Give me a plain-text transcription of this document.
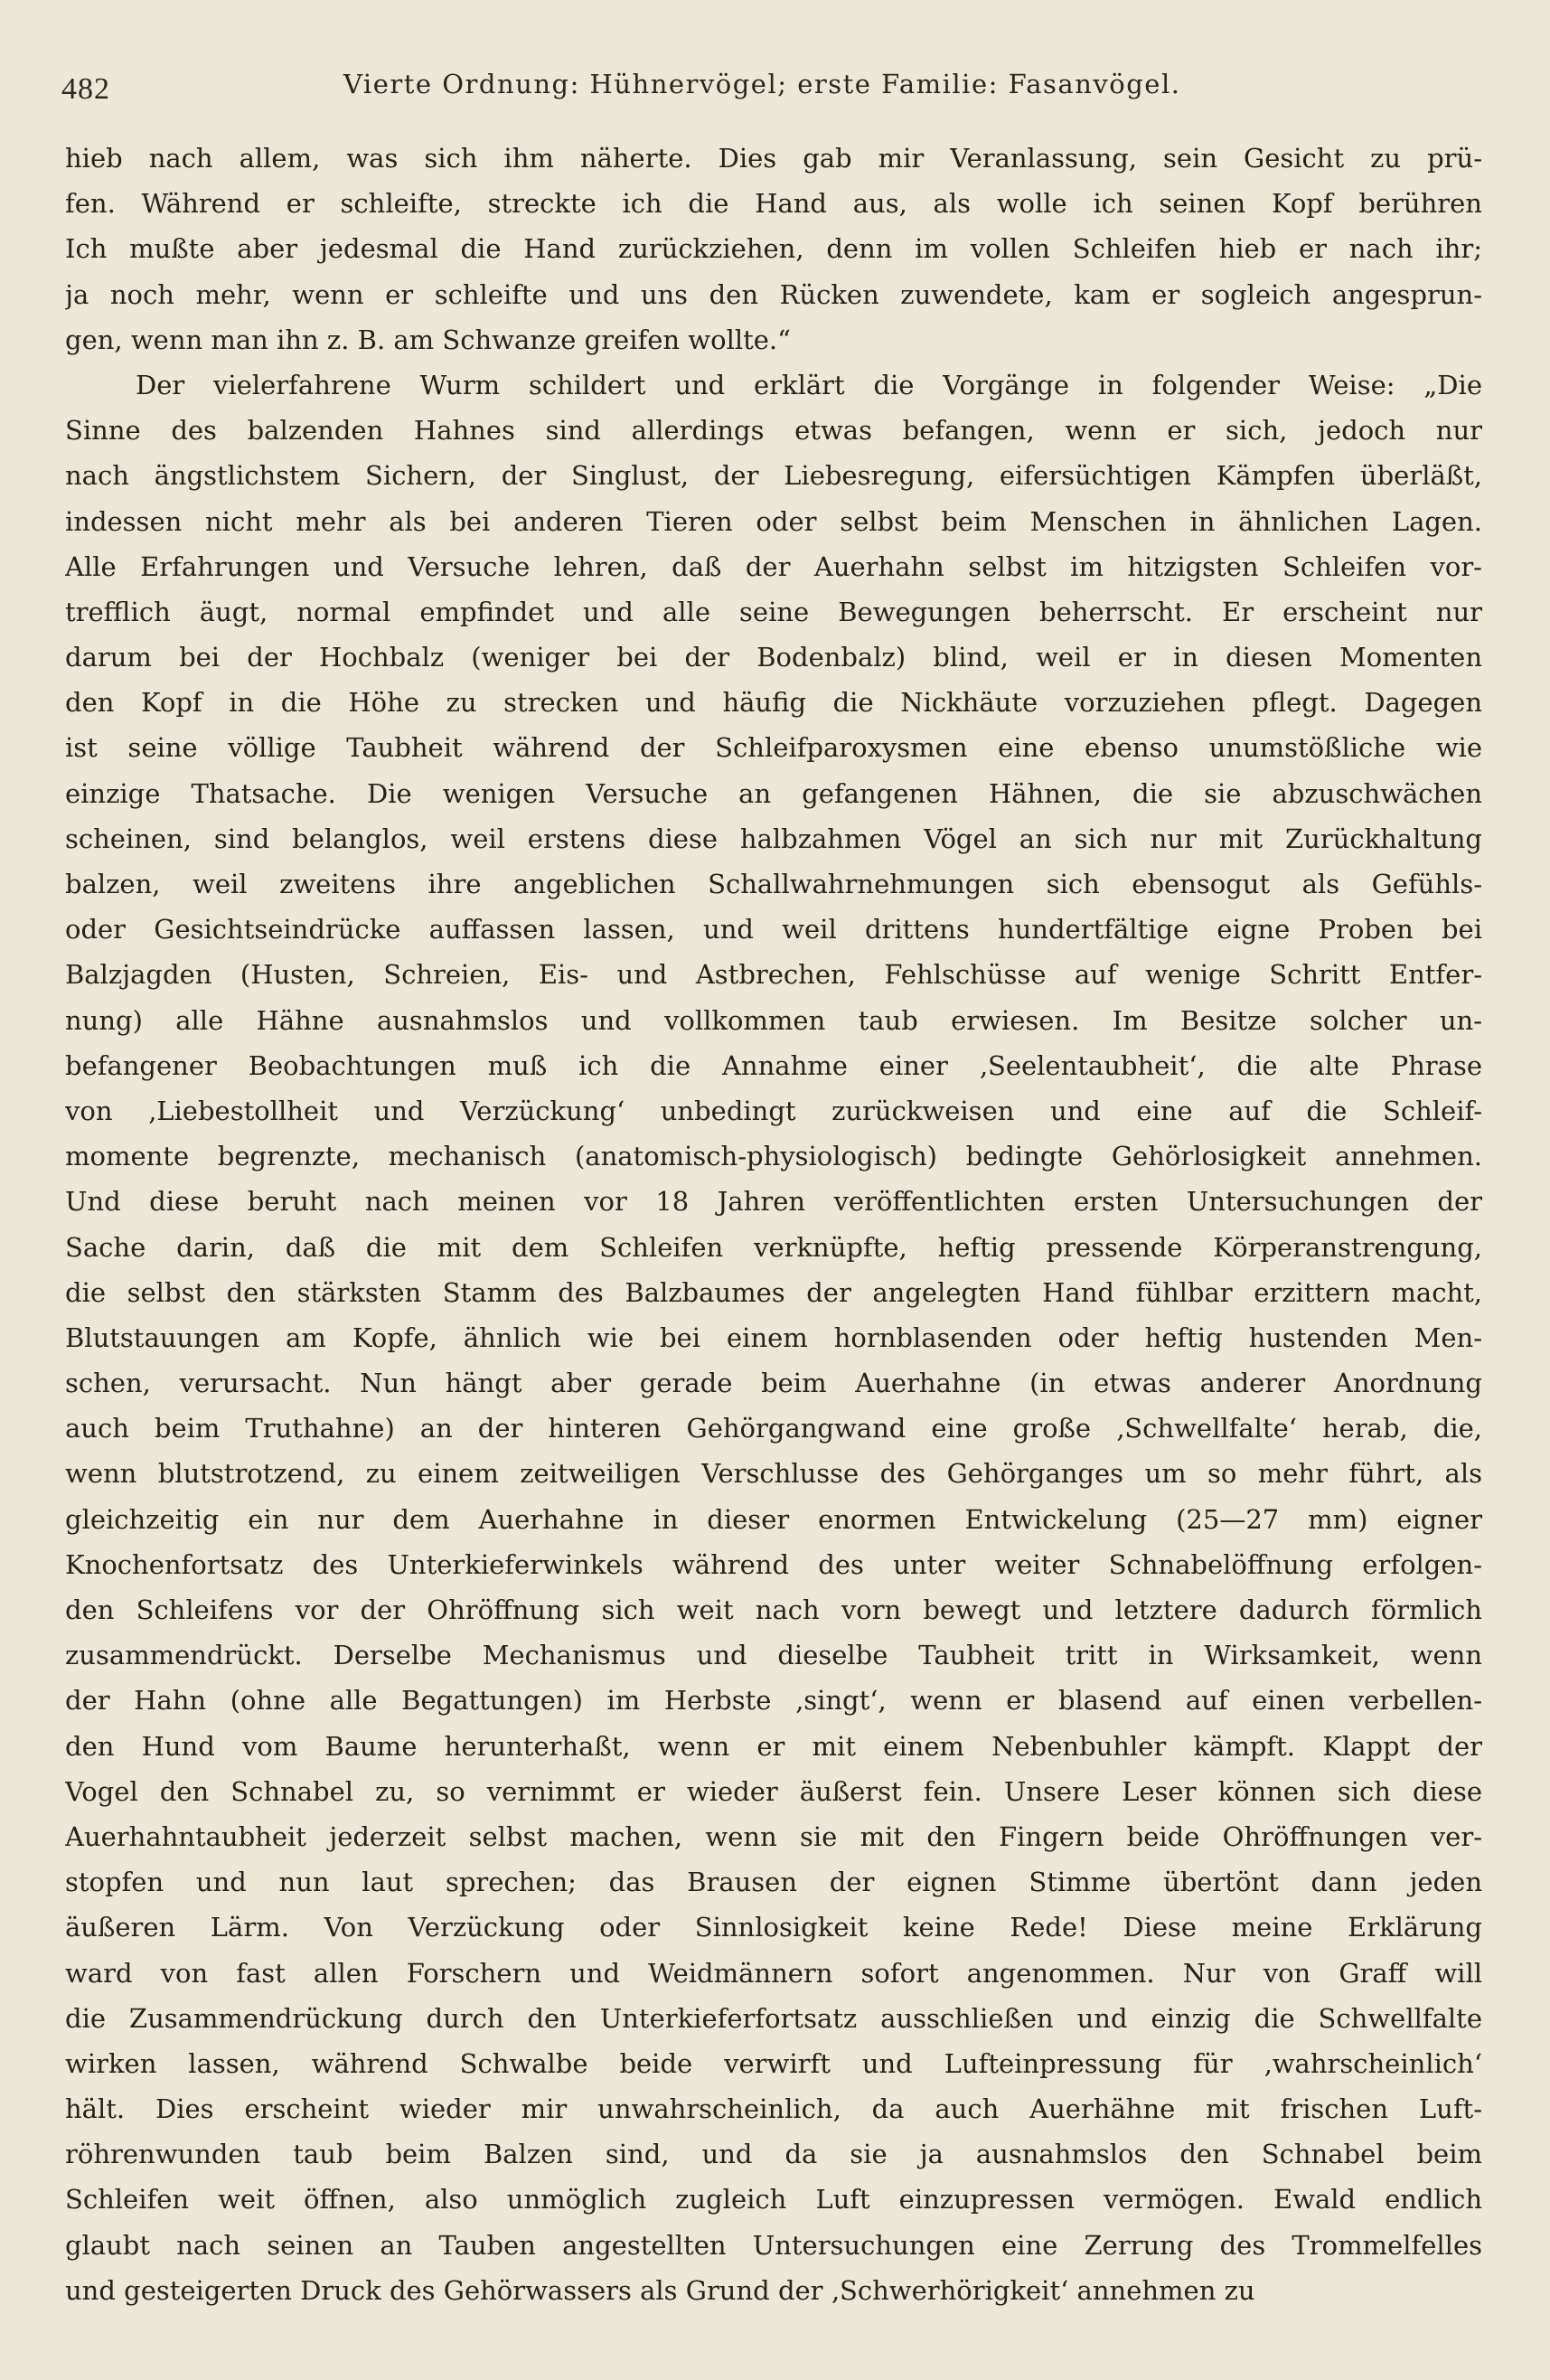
482	Vierte Ordnung: Hühnervögel; erste Familie: Fasanvögel.
hieb nach allem, was sich ihm näherte. Dies gab mir Veranlassung, sein Gesicht zu prü-
fen. Während er schleifte, streckte ich die Hand aus, als wolle ich seinen Kopf berühren
Ich mußte aber jedesmal die Hand zurückziehen, denn im vollen Schleifen hieb er nach ihr;
ja noch mehr, wenn er schleifte und uns den Rücken zuwendete, kam er sogleich angesprun-
gen, wenn man ihn z. B. am Schwanze greifen wollte.“
Der vielerfahrene Wurm schildert und erklärt die Vorgänge in folgender Weise: „Die
Sinne des balzenden Hahnes sind allerdings etwas befangen, wenn er sich, jedoch nur
nach ängstlichstem Sichern, der Singlust, der Liebesregung, eifersüchtigen Kämpfen überläßt,
indessen nicht mehr als bei anderen Tieren oder selbst beim Menschen in ähnlichen Lagen.
Alle Erfahrungen und Versuche lehren, daß der Auerhahn selbst im hitzigsten Schleifen vor-
trefflich äugt, normal empfindet und alle seine Bewegungen beherrscht. Er erscheint nur
darum bei der Hochbalz (weniger bei der Bodenbalz) blind, weil er in diesen Momenten
den Kopf in die Höhe zu strecken und häufig die Nickhäute vorzuziehen pflegt. Dagegen
ist seine völlige Taubheit während der Schleifparoxysmen eine ebenso unumstößliche wie
einzige Thatsache. Die wenigen Versuche an gefangenen Hähnen, die sie abzuschwächen
scheinen, sind belanglos, weil erstens diese halbzahmen Vögel an sich nur mit Zurückhaltung
balzen, weil zweitens ihre angeblichen Schallwahrnehmungen sich ebensogut als Gefühls-
oder Gesichtseindrücke auffassen lassen, und weil drittens hundertfältige eigne Proben bei
Balzjagden (Husten, Schreien, Eis- und Astbrechen, Fehlschüsse auf wenige Schritt Entfer-
nung) alle Hähne ausnahmslos und vollkommen taub erwiesen. Im Besitze solcher un-
befangener Beobachtungen muß ich die Annahme einer ‚Seelentaubheit‘, die alte Phrase
von ‚Liebestollheit und Verzückung‘ unbedingt zurückweisen und eine auf die Schleif-
momente begrenzte, mechanisch (anatomisch-physiologisch) bedingte Gehörlosigkeit annehmen.
Und diese beruht nach meinen vor 18 Jahren veröffentlichten ersten Untersuchungen der
Sache darin, daß die mit dem Schleifen verknüpfte, heftig pressende Körperanstrengung,
die selbst den stärksten Stamm des Balzbaumes der angelegten Hand fühlbar erzittern macht,
Blutstauungen am Kopfe, ähnlich wie bei einem hornblasenden oder heftig hustenden Men-
schen, verursacht. Nun hängt aber gerade beim Auerhahne (in etwas anderer Anordnung
auch beim Truthahne) an der hinteren Gehörgangwand eine große ‚Schwellfalte‘ herab, die,
wenn blutstrotzend, zu einem zeitweiligen Verschlusse des Gehörganges um so mehr führt, als
gleichzeitig ein nur dem Auerhahne in dieser enormen Entwickelung (25—27 mm) eigner
Knochenfortsatz des Unterkieferwinkels während des unter weiter Schnabelöffnung erfolgen-
den Schleifens vor der Ohröffnung sich weit nach vorn bewegt und letztere dadurch förmlich
zusammendrückt. Derselbe Mechanismus und dieselbe Taubheit tritt in Wirksamkeit, wenn
der Hahn (ohne alle Begattungen) im Herbste ‚singt‘, wenn er blasend auf einen verbellen-
den Hund vom Baume herunterhaßt, wenn er mit einem Nebenbuhler kämpft. Klappt der
Vogel den Schnabel zu, so vernimmt er wieder äußerst fein. Unsere Leser können sich diese
Auerhahntaubheit jederzeit selbst machen, wenn sie mit den Fingern beide Ohröffnungen ver-
stopfen und nun laut sprechen; das Brausen der eignen Stimme übertönt dann jeden
äußeren Lärm. Von Verzückung oder Sinnlosigkeit keine Rede! Diese meine Erklärung
ward von fast allen Forschern und Weidmännern sofort angenommen. Nur von Graff will
die Zusammendrückung durch den Unterkieferfortsatz ausschließen und einzig die Schwellfalte
wirken lassen, während Schwalbe beide verwirft und Lufteinpressung für ‚wahrscheinlich‘
hält. Dies erscheint wieder mir unwahrscheinlich, da auch Auerhähne mit frischen Luft-
röhrenwunden taub beim Balzen sind, und da sie ja ausnahmslos den Schnabel beim
Schleifen weit öffnen, also unmöglich zugleich Luft einzupressen vermögen. Ewald endlich
glaubt nach seinen an Tauben angestellten Untersuchungen eine Zerrung des Trommelfelles
und gesteigerten Druck des Gehörwassers als Grund der ‚Schwerhörigkeit‘ annehmen zu
